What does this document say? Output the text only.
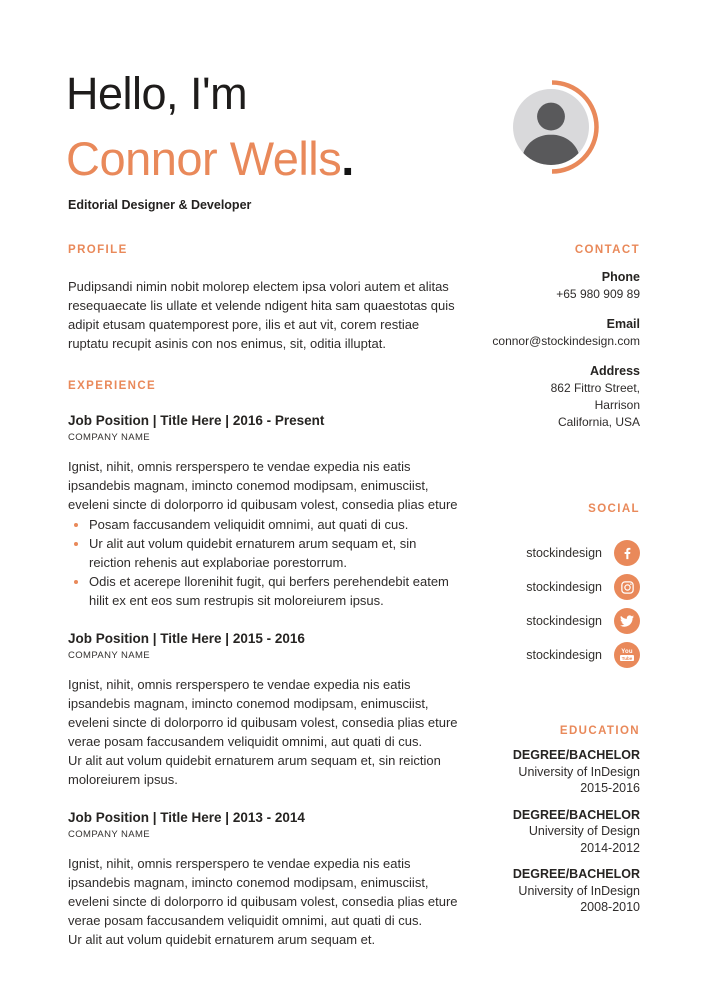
Hello, I'm
Connor Wells.
Editorial Designer & Developer
PROFILE

Pudipsandi nimin nobit molorep electem ipsa volori autem et alitas resequaecate lis ullate et velende ndigent hita sam quaestotas quis adipit etusam quatemporest pore, ilis et aut vit, corem restiae ruptatu recupit asinis con nos enimus, sit, oditia illuptat.

EXPERIENCE
Job Position | Title Here | 2016 - Present
COMPANY NAME

Ignist, nihit, omnis rersperspero te vendae expedia nis eatis ipsandebis magnam, imincto conemod modipsam, enimusciist, eveleni sincte di dolorporro id quibusam volest, consedia plias eture

Posam faccusandem veliquidit omnimi, aut quati di cus.
Ur alit aut volum quidebit ernaturem arum sequam et, sin reiction rehenis aut explaboriae porestorrum.
Odis et acerepe llorenihit fugit, qui berfers perehendebit eatem hilit ex ent eos sum restrupis sit moloreiurem ipsus.
Job Position | Title Here | 2015 - 2016
COMPANY NAME

Ignist, nihit, omnis rersperspero te vendae expedia nis eatis ipsandebis magnam, imincto conemod modipsam, enimusciist, eveleni sincte di dolorporro id quibusam volest, consedia plias eture verae posam faccusandem veliquidit omnimi, aut quati di cus.

Ur alit aut volum quidebit ernaturem arum sequam et, sin reiction moloreiurem ipsus.

Job Position | Title Here | 2013 - 2014
COMPANY NAME

Ignist, nihit, omnis rersperspero te vendae expedia nis eatis ipsandebis magnam, imincto conemod modipsam, enimusciist, eveleni sincte di dolorporro id quibusam volest, consedia plias eture verae posam faccusandem veliquidit omnimi, aut quati di cus.

Ur alit aut volum quidebit ernaturem arum sequam et.

CONTACT
Phone
+65 980 909 89
Email
connor@stockindesign.com
Address
862 Fittro Street,
Harrison
California, USA
SOCIAL
stockindesign
stockindesign
stockindesign
stockindesign	You
Tube
EDUCATION
DEGREE/BACHELOR
University of InDesign
2015-2016
DEGREE/BACHELOR
University of Design
2014-2012
DEGREE/BACHELOR
University of InDesign
2008-2010
